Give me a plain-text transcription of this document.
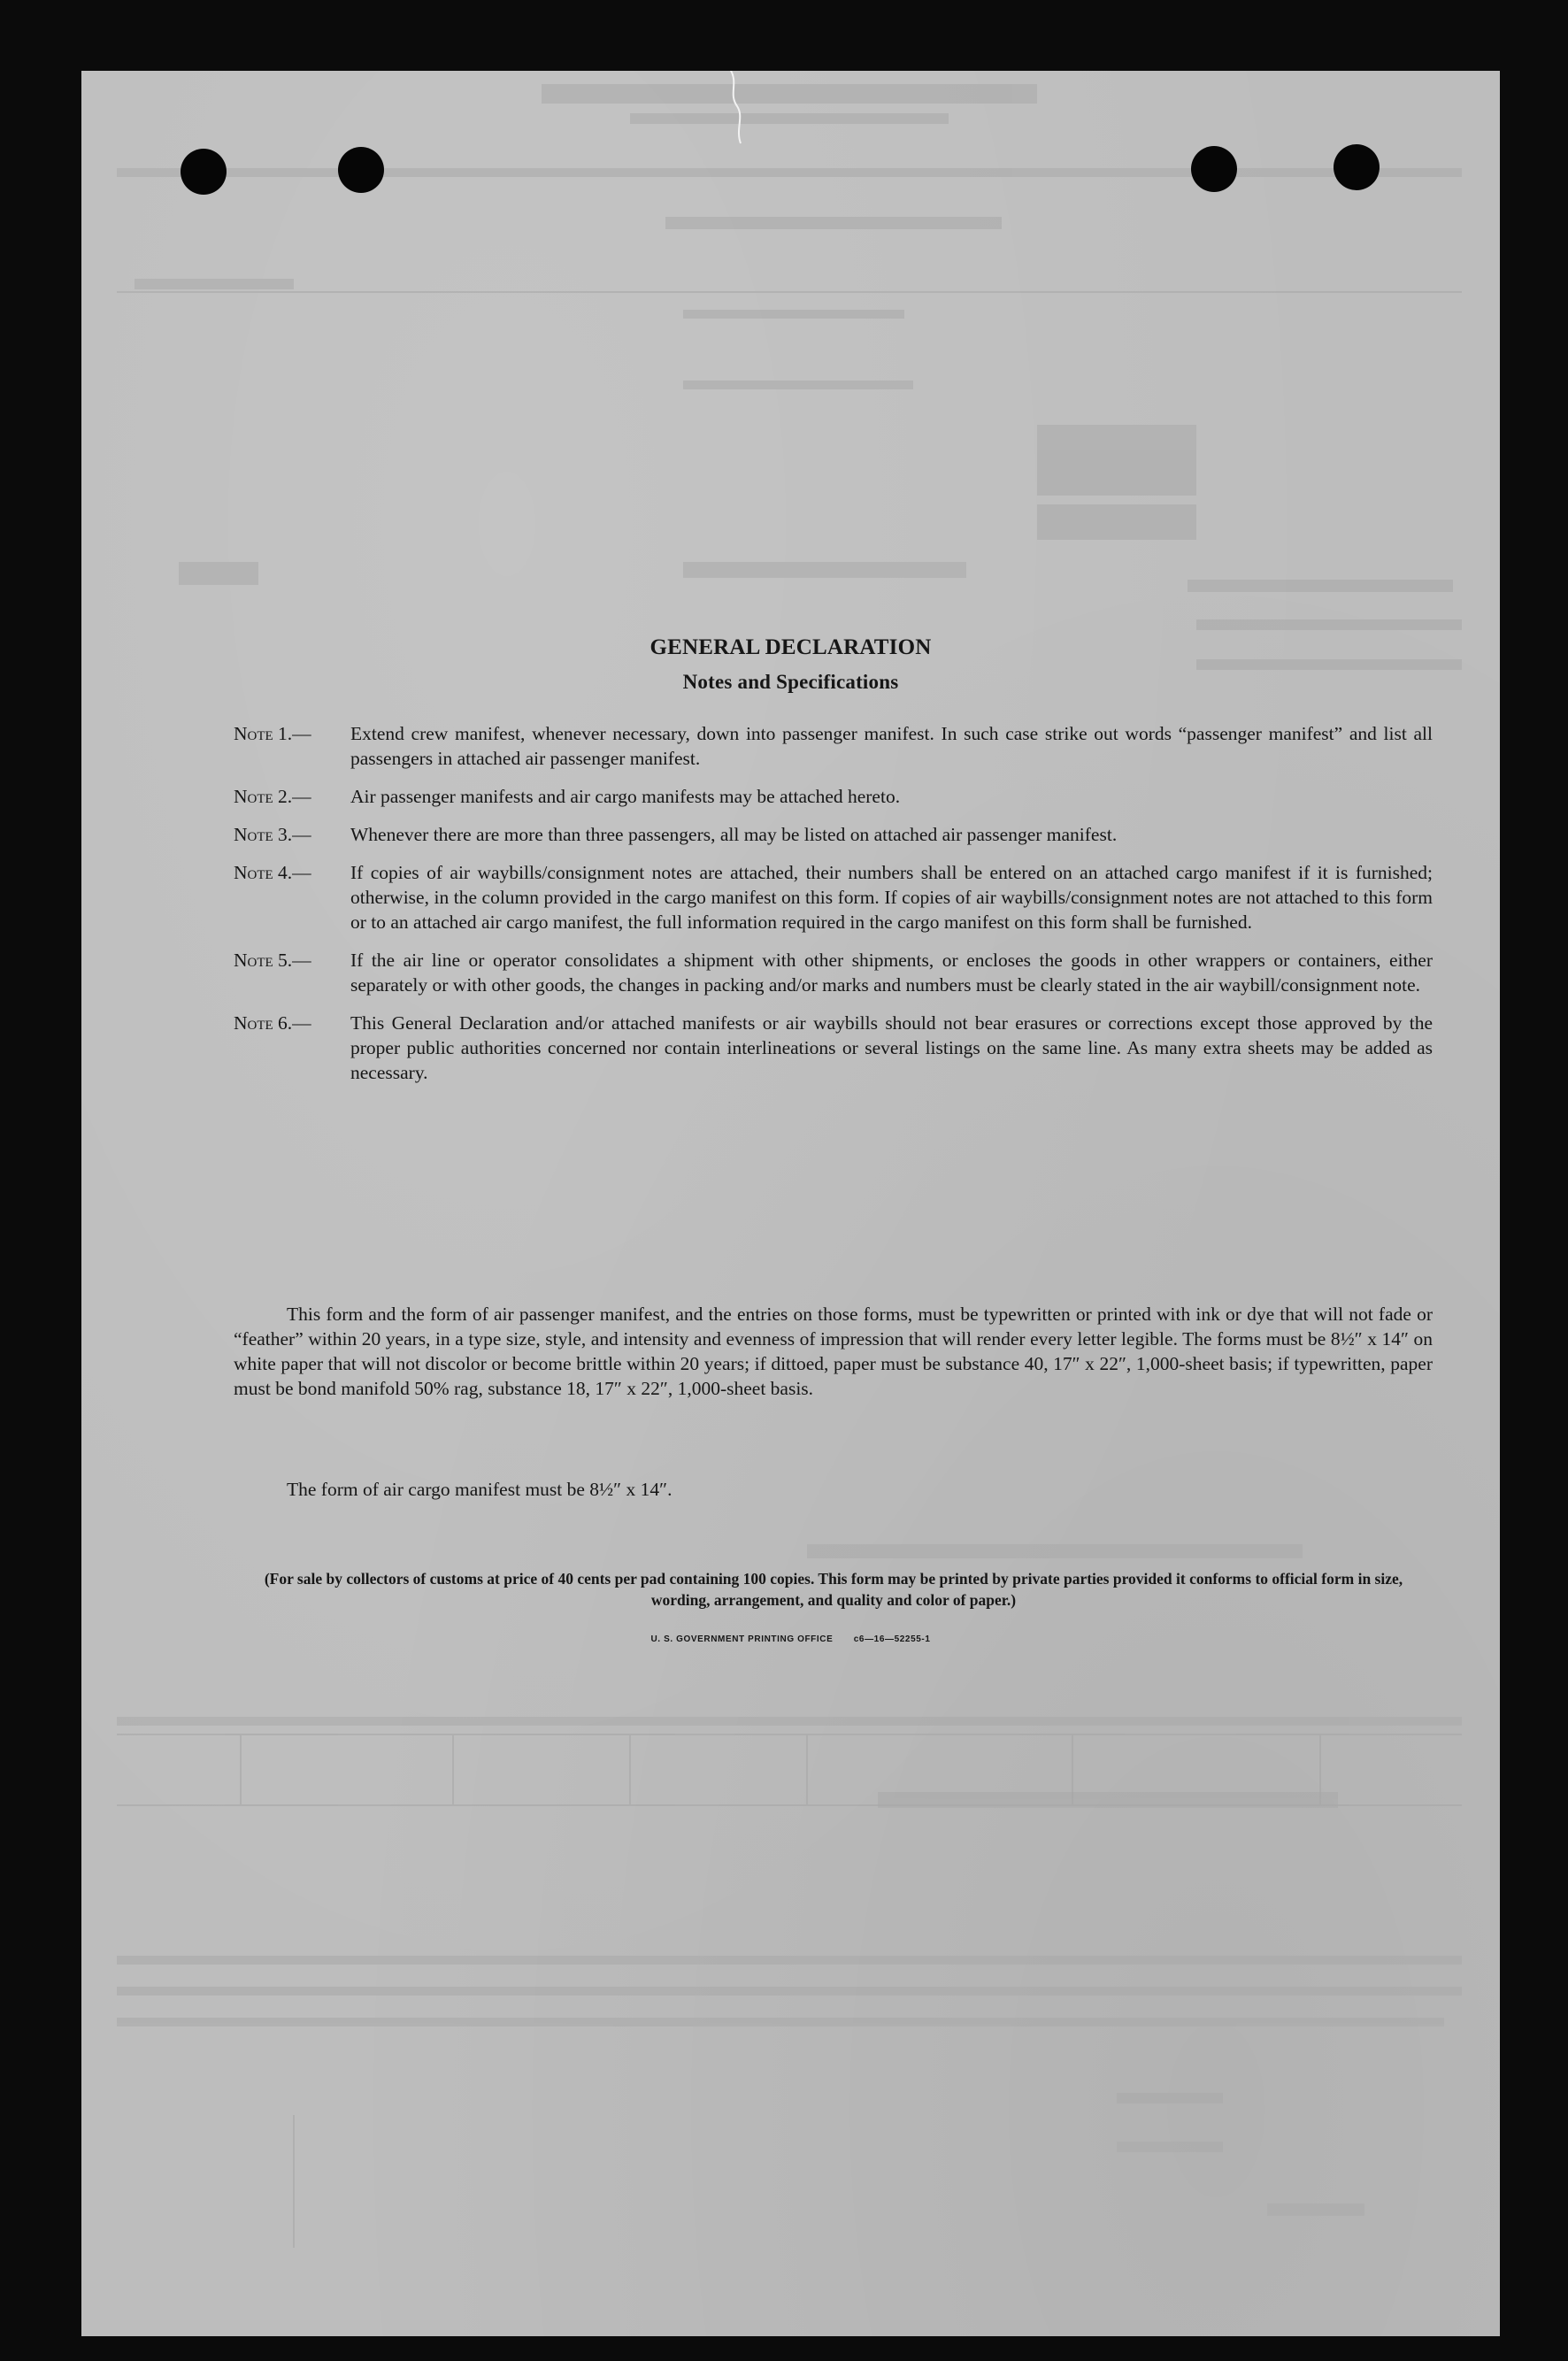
GENERAL DECLARATION
Notes and Specifications
Note 1.—	Extend crew manifest, whenever necessary, down into passenger manifest. In such case strike out words “passenger manifest” and list all passengers in attached air passenger manifest.
Note 2.—	Air passenger manifests and air cargo manifests may be attached hereto.
Note 3.—	Whenever there are more than three passengers, all may be listed on attached air passenger manifest.
Note 4.—	If copies of air waybills/consignment notes are attached, their numbers shall be entered on an attached cargo manifest if it is furnished; otherwise, in the column provided in the cargo manifest on this form. If copies of air waybills/consignment notes are not attached to this form or to an attached air cargo manifest, the full information required in the cargo manifest on this form shall be furnished.
Note 5.—	If the air line or operator consolidates a shipment with other shipments, or encloses the goods in other wrappers or containers, either separately or with other goods, the changes in packing and/or marks and numbers must be clearly stated in the air waybill/consignment note.
Note 6.—	This General Declaration and/or attached manifests or air waybills should not bear erasures or corrections except those approved by the proper public authorities concerned nor contain interlineations or several listings on the same line. As many extra sheets may be added as necessary.
This form and the form of air passenger manifest, and the entries on those forms, must be typewritten or printed with ink or dye that will not fade or “feather” within 20 years, in a type size, style, and intensity and evenness of impression that will render every letter legible. The forms must be 8½″ x 14″ on white paper that will not discolor or become brittle within 20 years; if dittoed, paper must be substance 40, 17″ x 22″, 1,000-sheet basis; if typewritten, paper must be bond manifold 50% rag, substance 18, 17″ x 22″, 1,000-sheet basis.
The form of air cargo manifest must be 8½″ x 14″.
(For sale by collectors of customs at price of 40 cents per pad containing 100 copies. This form may be printed by private parties provided it conforms to official form in size, wording, arrangement, and quality and color of paper.)
U. S. GOVERNMENT PRINTING OFFICE c6—16—52255-1
